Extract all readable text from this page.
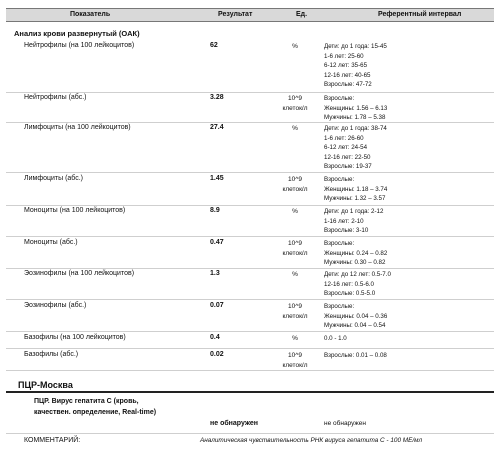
Показатель	Результат	Ед.	Референтный интервал
Анализ крови развернутый (ОАК)
Нейтрофилы (на 100 лейкоцитов)	62	%	Дети: до 1 года: 15-45
1-6 лет: 25-60
6-12 лет: 35-65
12-16 лет: 40-65
Взрослые: 47-72
Нейтрофилы (абс.)	3.28	10^9
клеток/л
Взрослые:
Женщины: 1.56 – 6.13
Мужчины: 1.78 – 5.38
Лимфоциты (на 100 лейкоцитов)	27.4	%	Дети: до 1 года: 38-74
1-6 лет: 26-60
6-12 лет: 24-54
12-16 лет: 22-50
Взрослые: 19-37
Лимфоциты (абс.)	1.45	10^9
клеток/л
Взрослые:
Женщины: 1.18 – 3.74
Мужчины: 1.32 – 3.57
Моноциты (на 100 лейкоцитов)	8.9	%	Дети: до 1 года: 2-12
1-16 лет: 2-10
Взрослые: 3-10
Моноциты (абс.)	0.47	10^9
клеток/л
Взрослые:
Женщины: 0.24 – 0.82
Мужчины: 0.30 – 0.82
Эозинофилы (на 100 лейкоцитов)	1.3	%	Дети: до 12 лет: 0.5-7.0
12-16 лет: 0.5-6.0
Взрослые: 0.5-5.0
Эозинофилы (абс.)	0.07	10^9
клеток/л
Взрослые:
Женщины: 0.04 – 0.36
Мужчины: 0.04 – 0.54
Базофилы (на 100 лейкоцитов)	0.4	%	0.0 - 1.0
Базофилы (абс.)	0.02	10^9
клеток/л
Взрослые: 0.01 – 0.08
ПЦР-Москва
ПЦР. Вирус гепатита С (кровь,
качествен. определение, Real-time)
не обнаружен	не обнаружен
КОММЕНТАРИЙ:	Аналитическая чувствительность РНК вируса гепатита С - 100 МЕ/мл
